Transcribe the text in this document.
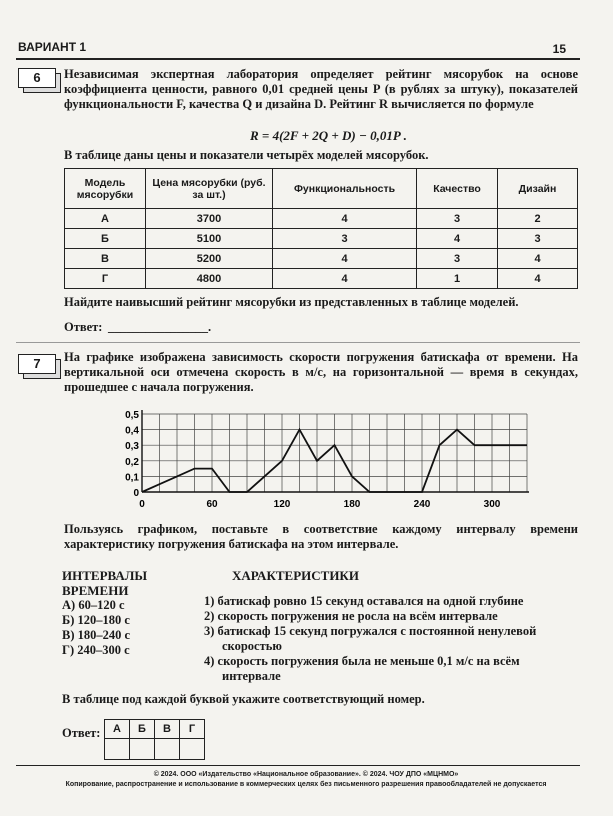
ВАРИАНТ 1	15
6	Независимая экспертная лаборатория определяет рейтинг мясорубок на основе коэффициента ценности, равного 0,01 средней цены P (в рублях за штуку), показателей функциональности F, качества Q и дизайна D. Рейтинг R вычисляется по формуле
R = 4(2F + 2Q + D) − 0,01P .
В таблице даны цены и показатели четырёх моделей мясорубок.
Модель мясорубки	Цена мясорубки (руб. за шт.)	Функциональность	Качество	Дизайн
А	3700	4	3	2
Б	5100	3	4	3
В	5200	4	3	4
Г	4800	4	1	4
Найдите наивысший рейтинг мясорубки из представленных в таблице моделей.
Ответ: ________________.
7	На графике изображена зависимость скорости погружения батискафа от времени. На вертикальной оси отмечена скорость в м/с, на горизонтальной — время в секундах, прошедшее с начала погружения.
0
0,1
0,2
0,3
0,4
0,5
0	60	120	180	240	300
Пользуясь графиком, поставьте в соответствие каждому интервалу времени характеристику погружения батискафа на этом интервале.
ИНТЕРВАЛЫ
ВРЕМЕНИ
А) 60–120 с
Б) 120–180 с
В) 180–240 с
Г) 240–300 с
ХАРАКТЕРИСТИКИ
1) батискаф ровно 15 секунд оставался на одной глубине
2) скорость погружения не росла на всём интервале
3) батискаф 15 секунд погружался с постоянной ненулевой скоростью
4) скорость погружения была не меньше 0,1 м/с на всём интервале
В таблице под каждой буквой укажите соответствующий номер.
Ответ: А	Б	В	Г

© 2024. ООО «Издательство «Национальное образование». © 2024. ЧОУ ДПО «МЦНМО»
Копирование, распространение и использование в коммерческих целях без письменного разрешения правообладателей не допускается
